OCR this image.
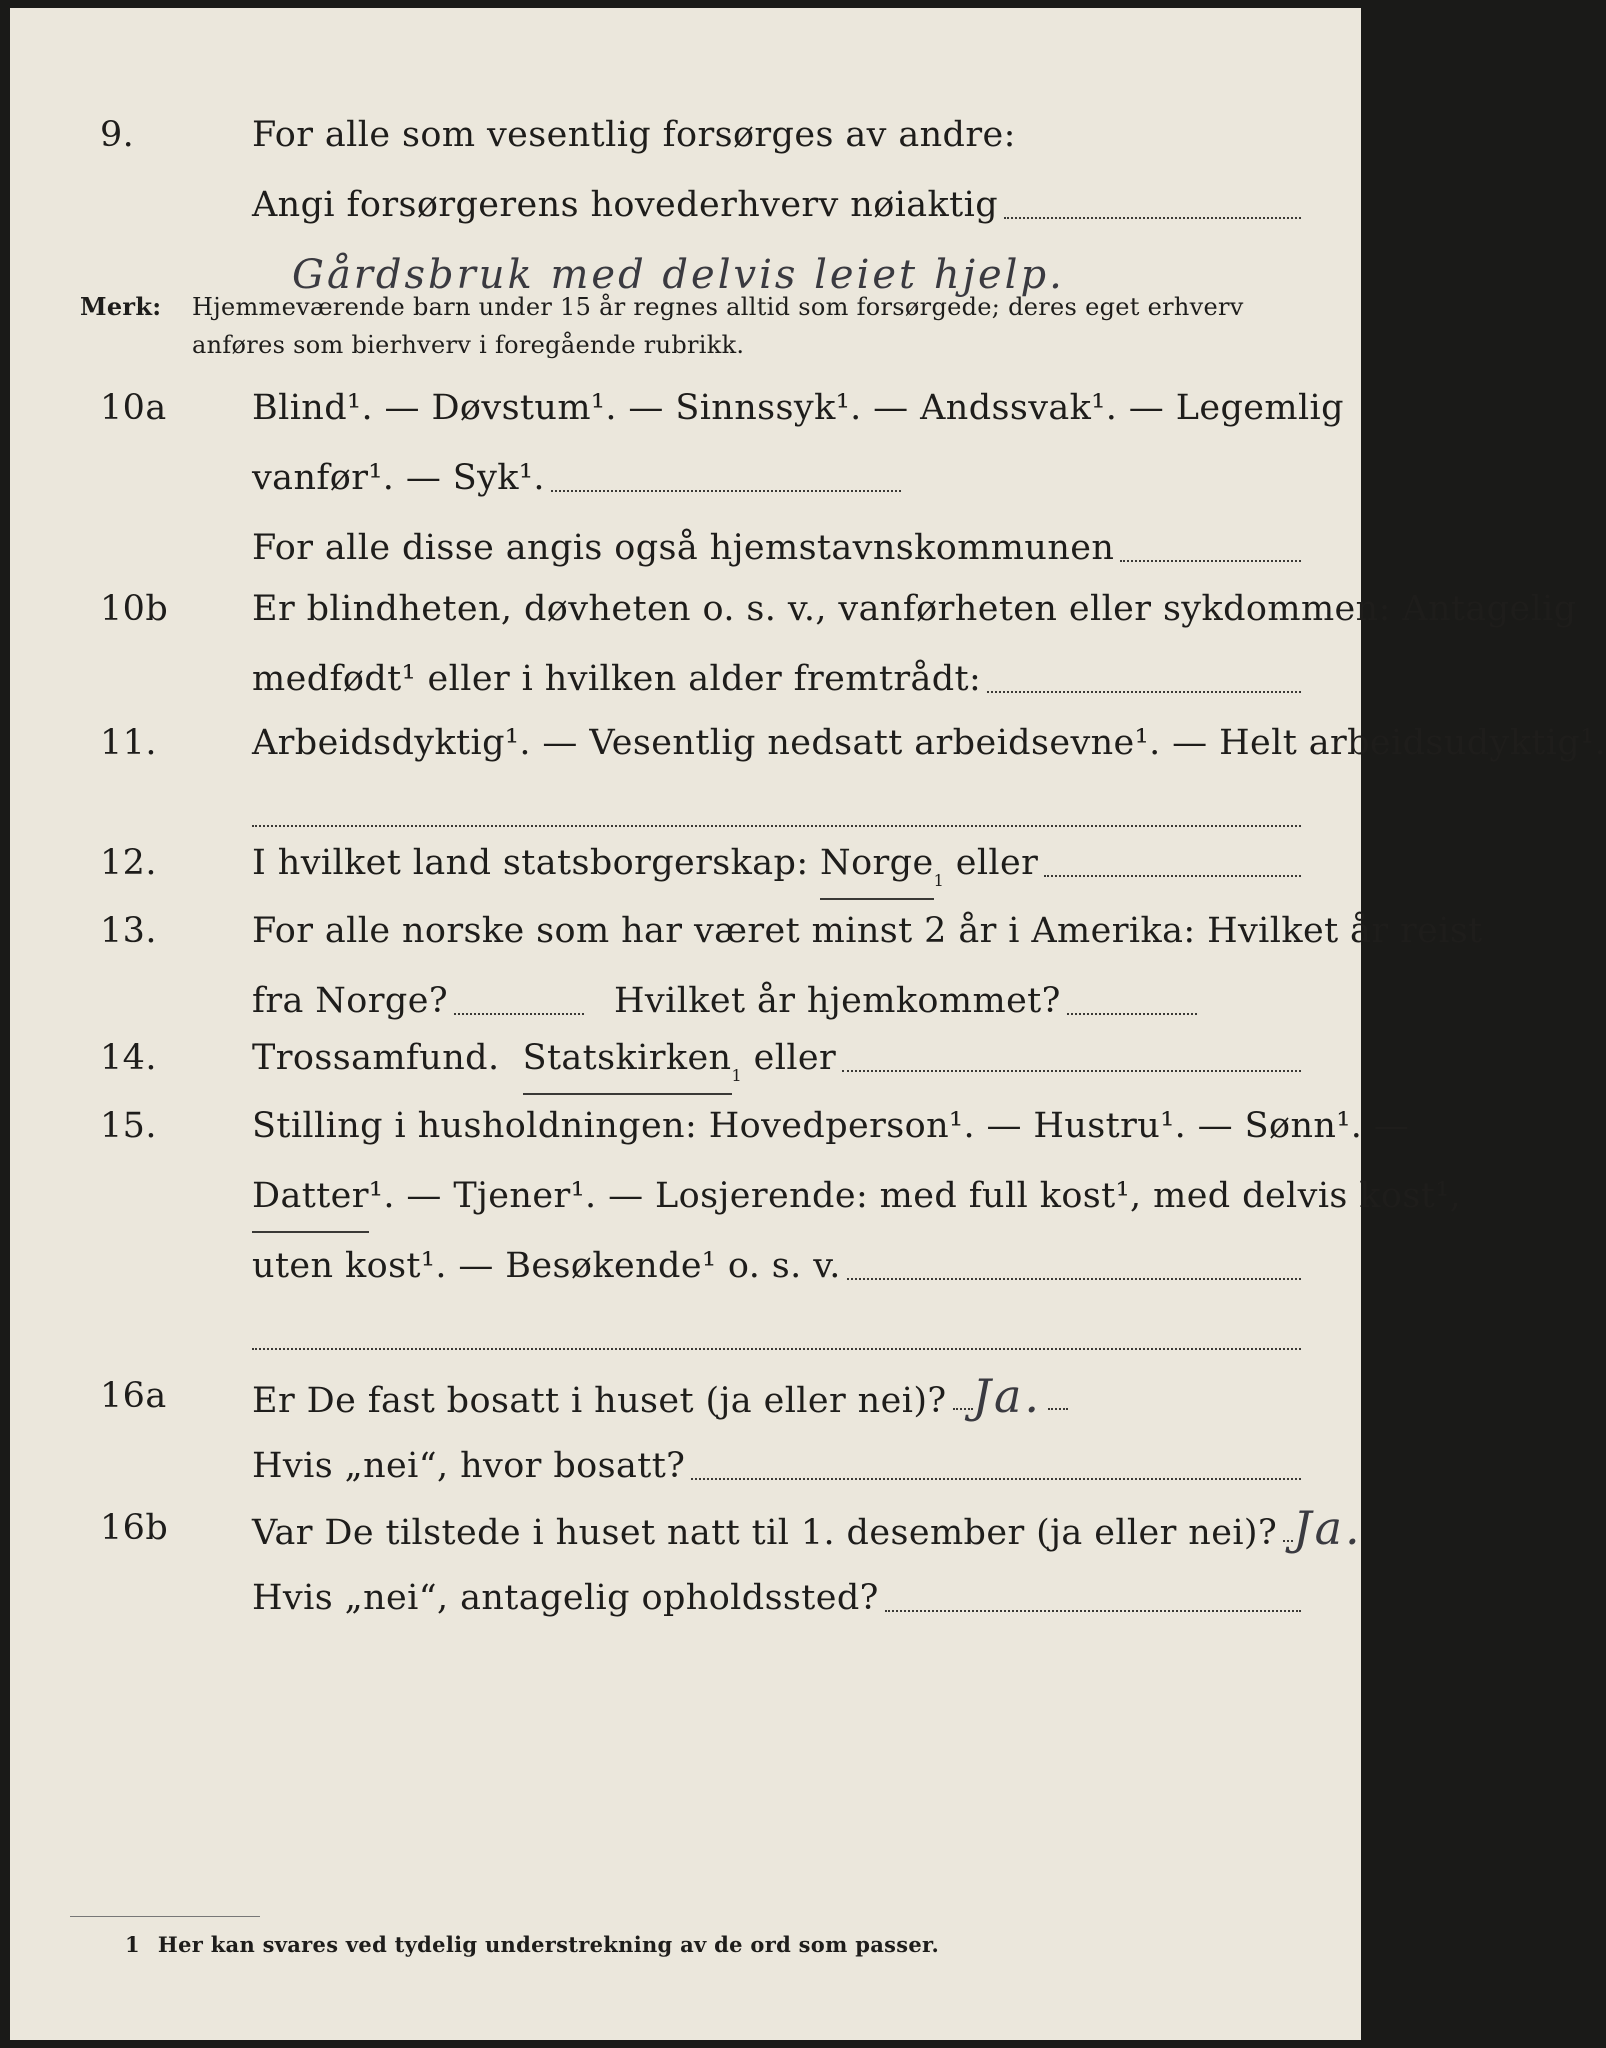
9.	For alle som vesentlig forsørges av andre:
Angi forsørgerens hovederhverv nøiaktig
Gårdsbruk med delvis leiet hjelp.
Merk: Hjemmeværende barn under 15 år regnes alltid som forsørgede; deres eget erhverv
anføres som bierhverv i foregående rubrikk.
10a Blind¹. — Døvstum¹. — Sinnssyk¹. — Andssvak¹. — Legemlig
vanfør¹. — Syk¹.
For alle disse angis også hjemstavnskommunen
10b Er blindheten, døvheten o. s. v., vanførheten eller sykdommen: Antagelig
medfødt¹ eller i hvilken alder fremtrådt:
11.	Arbeidsdyktig¹. — Vesentlig nedsatt arbeidsevne¹. — Helt arbeidsudyktig¹.
12.	I hvilket land statsborgerskap:
Norge$^1$
eller
13.	For alle norske som har været minst 2 år i Amerika: Hvilket år reist
fra Norge?	Hvilket år hjemkommet?
14.	Trossamfund.
Statskirken$^1$
eller
15.	Stilling i husholdningen: Hovedperson¹. — Hustru¹. — Sønn¹. —
Datter ¹. — Tjener¹. — Losjerende: med full kost¹, med delvis kost¹,
uten kost¹. — Besøkende¹ o. s. v.
16a Er De fast bosatt i huset (ja eller nei)? Ja.
Hvis „nei“, hvor bosatt?
16b Var De tilstede i huset natt til 1. desember (ja eller nei)? Ja.
Hvis „nei“, antagelig opholdssted?
1 Her kan svares ved tydelig understrekning av de ord som passer.
